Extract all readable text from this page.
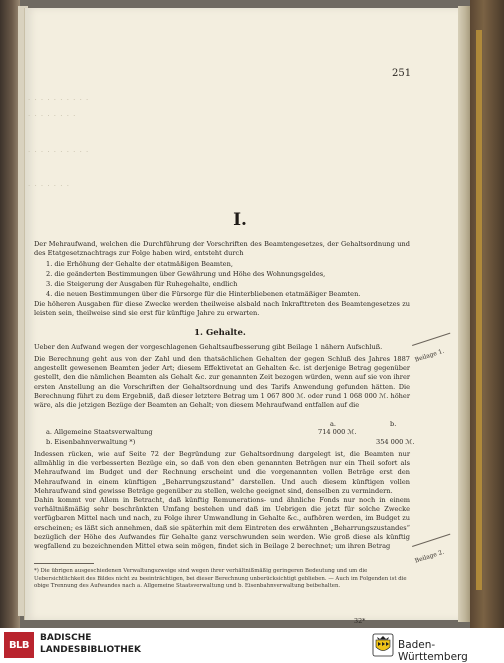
· · · · · · · · · ·
· · · · · · · ·
· · · · · · · · · ·
· · · · · · ·
251
I.
Der Mehraufwand, welchen die Durchführung der Vorschriften des Beamtengesetzes, der Gehaltsordnung und des Etatgesetznachtrags zur Folge haben wird, entsteht durch
1. die Erhöhung der Gehalte der etatmäßigen Beamten,
2. die geänderten Bestimmungen über Gewährung und Höhe des Wohnungsgeldes,
3. die Steigerung der Ausgaben für Ruhegehalte, endlich
4. die neuen Bestimmungen über die Fürsorge für die Hinterbliebenen etatmäßiger Beamten.
Die höheren Ausgaben für diese Zwecke werden theilweise alsbald nach Inkrafttreten des Beamtengesetzes zu leisten sein, theilweise sind sie erst für künftige Jahre zu erwarten.
1. Gehalte.
Ueber den Aufwand wegen der vorgeschlagenen Gehaltsaufbesserung gibt Beilage 1 nähern Aufschluß.
Die Berechnung geht aus von der Zahl und den thatsächlichen Gehalten der gegen Schluß des Jahres 1887 angestellt gewesenen Beamten jeder Art; diesem Effektivetat an Gehalten &c. ist derjenige Betrag gegenüber gestellt, den die nämlichen Beamten als Gehalt &c. zur genannten Zeit bezogen würden, wenn auf sie von ihrer ersten Anstellung an die Vorschriften der Gehaltsordnung und des Tarifs Anwendung gefunden hätten. Die Berechnung führt zu dem Ergebniß, daß dieser letztere Betrag um 1 067 800 ℳ. oder rund 1 068 000 ℳ. höher wäre, als die jetzigen Bezüge der Beamten an Gehalt; von diesem Mehraufwand entfallen auf die
a.	b.
a. Allgemeine Staatsverwaltung	714 000 ℳ.
b. Eisenbahnverwaltung *)	354 000 ℳ.
Indessen rücken, wie auf Seite 72 der Begründung zur Gehaltsordnung dargelegt ist, die Beamten nur allmählig in die verbesserten Bezüge ein, so daß von den eben genannten Beträgen nur ein Theil sofort als Mehraufwand im Budget und der Rechnung erscheint und die vorgenannten vollen Beträge erst den Mehraufwand in einem künftigen „Beharrungszustand“ darstellen. Und auch diesem künftigen vollen Mehraufwand sind gewisse Beträge gegenüber zu stellen, welche geeignet sind, denselben zu vermindern.
Dahin kommt vor Allem in Betracht, daß künftig Remunerations- und ähnliche Fonds nur noch in einem verhältnißmäßig sehr beschränkten Umfang bestehen und daß im Uebrigen die jetzt für solche Zwecke verfügbaren Mittel nach und nach, zu Folge ihrer Umwandlung in Gehalte &c., aufhören werden, im Budget zu erscheinen; es läßt sich annehmen, daß sie späterhin mit dem Eintreten des erwähnten „Beharrungszustandes“ bezüglich der Höhe des Aufwandes für Gehalte ganz verschwunden sein werden. Wie groß diese als künftig wegfallend zu bezeichnenden Mittel etwa sein mögen, findet sich in Beilage 2 berechnet; um ihren Betrag
*) Die übrigen ausgeschiedenen Verwaltungszweige sind wegen ihrer verhältnißmäßig geringeren Bedeutung und um die Uebersichtlichkeit des Bildes nicht zu beeinträchtigen, bei dieser Berechnung unberücksichtigt geblieben. — Auch im Folgenden ist die obige Trennung des Aufwandes nach a. Allgemeine Staatsverwaltung und b. Eisenbahnverwaltung beibehalten.
32*
Beilage 1.
Beilage 2.
BLB
BADISCHE
LANDESBIBLIOTHEK	Baden-Württemberg
